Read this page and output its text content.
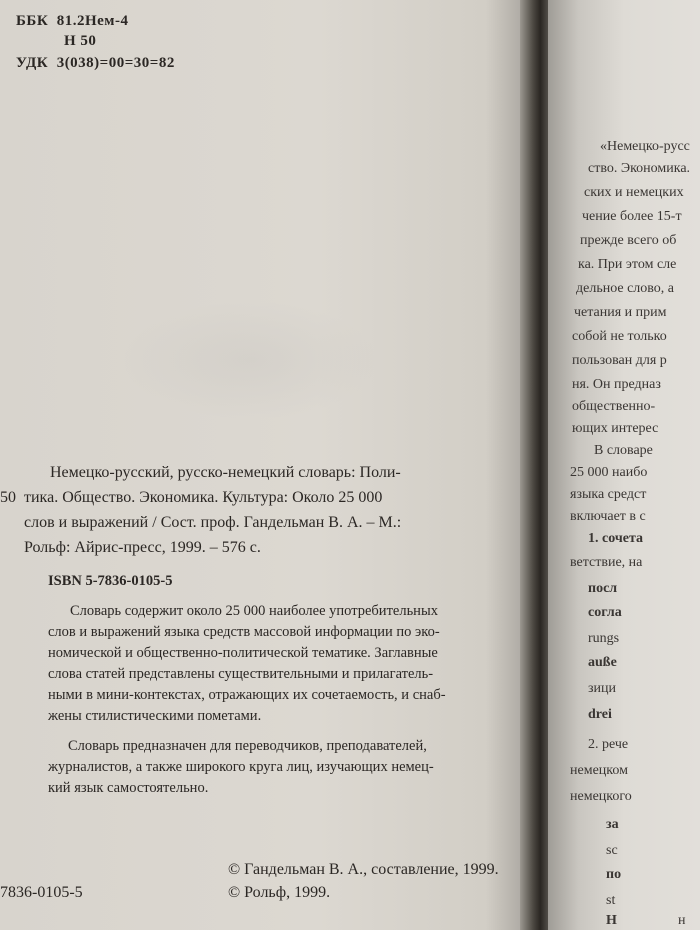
ББК  81.2Нем-4
Н 50
УДК  3(038)=00=30=82
Немецко-русский, русско-немецкий словарь: Поли-
50 тика. Общество. Экономика. Культура: Около 25 000
слов и выражений / Сост. проф. Гандельман В. А. – М.:
Рольф: Айрис-пресс, 1999. – 576 с.
ISBN 5-7836-0105-5
Словарь содержит около 25 000 наиболее употребительных
слов и выражений языка средств массовой информации по эко-
номической и общественно-политической тематике. Заглавные
слова статей представлены существительными и прилагатель-
ными в мини-контекстах, отражающих их сочетаемость, и снаб-
жены стилистическими пометами.
Словарь предназначен для переводчиков, преподавателей,
журналистов, а также широкого круга лиц, изучающих немец-
кий язык самостоятельно.
7836-0105-5
© Гандельман В. А., составление, 1999.
© Рольф, 1999.
«Немецко-русс
ство. Экономика.
ских и немецких
чение более 15-т
прежде всего об
ка. При этом сле
дельное слово, а
четания и прим
собой не только
пользован для р
ня. Он предназ
общественно-
ющих интерес
В словаре
25 000 наибо
языка средст
включает в с
1. сочета
ветствие, на
посл
согла
rungs
auße
зици
drei
2. рече
немецком
немецкого
за
sc
по
st
Н	н
